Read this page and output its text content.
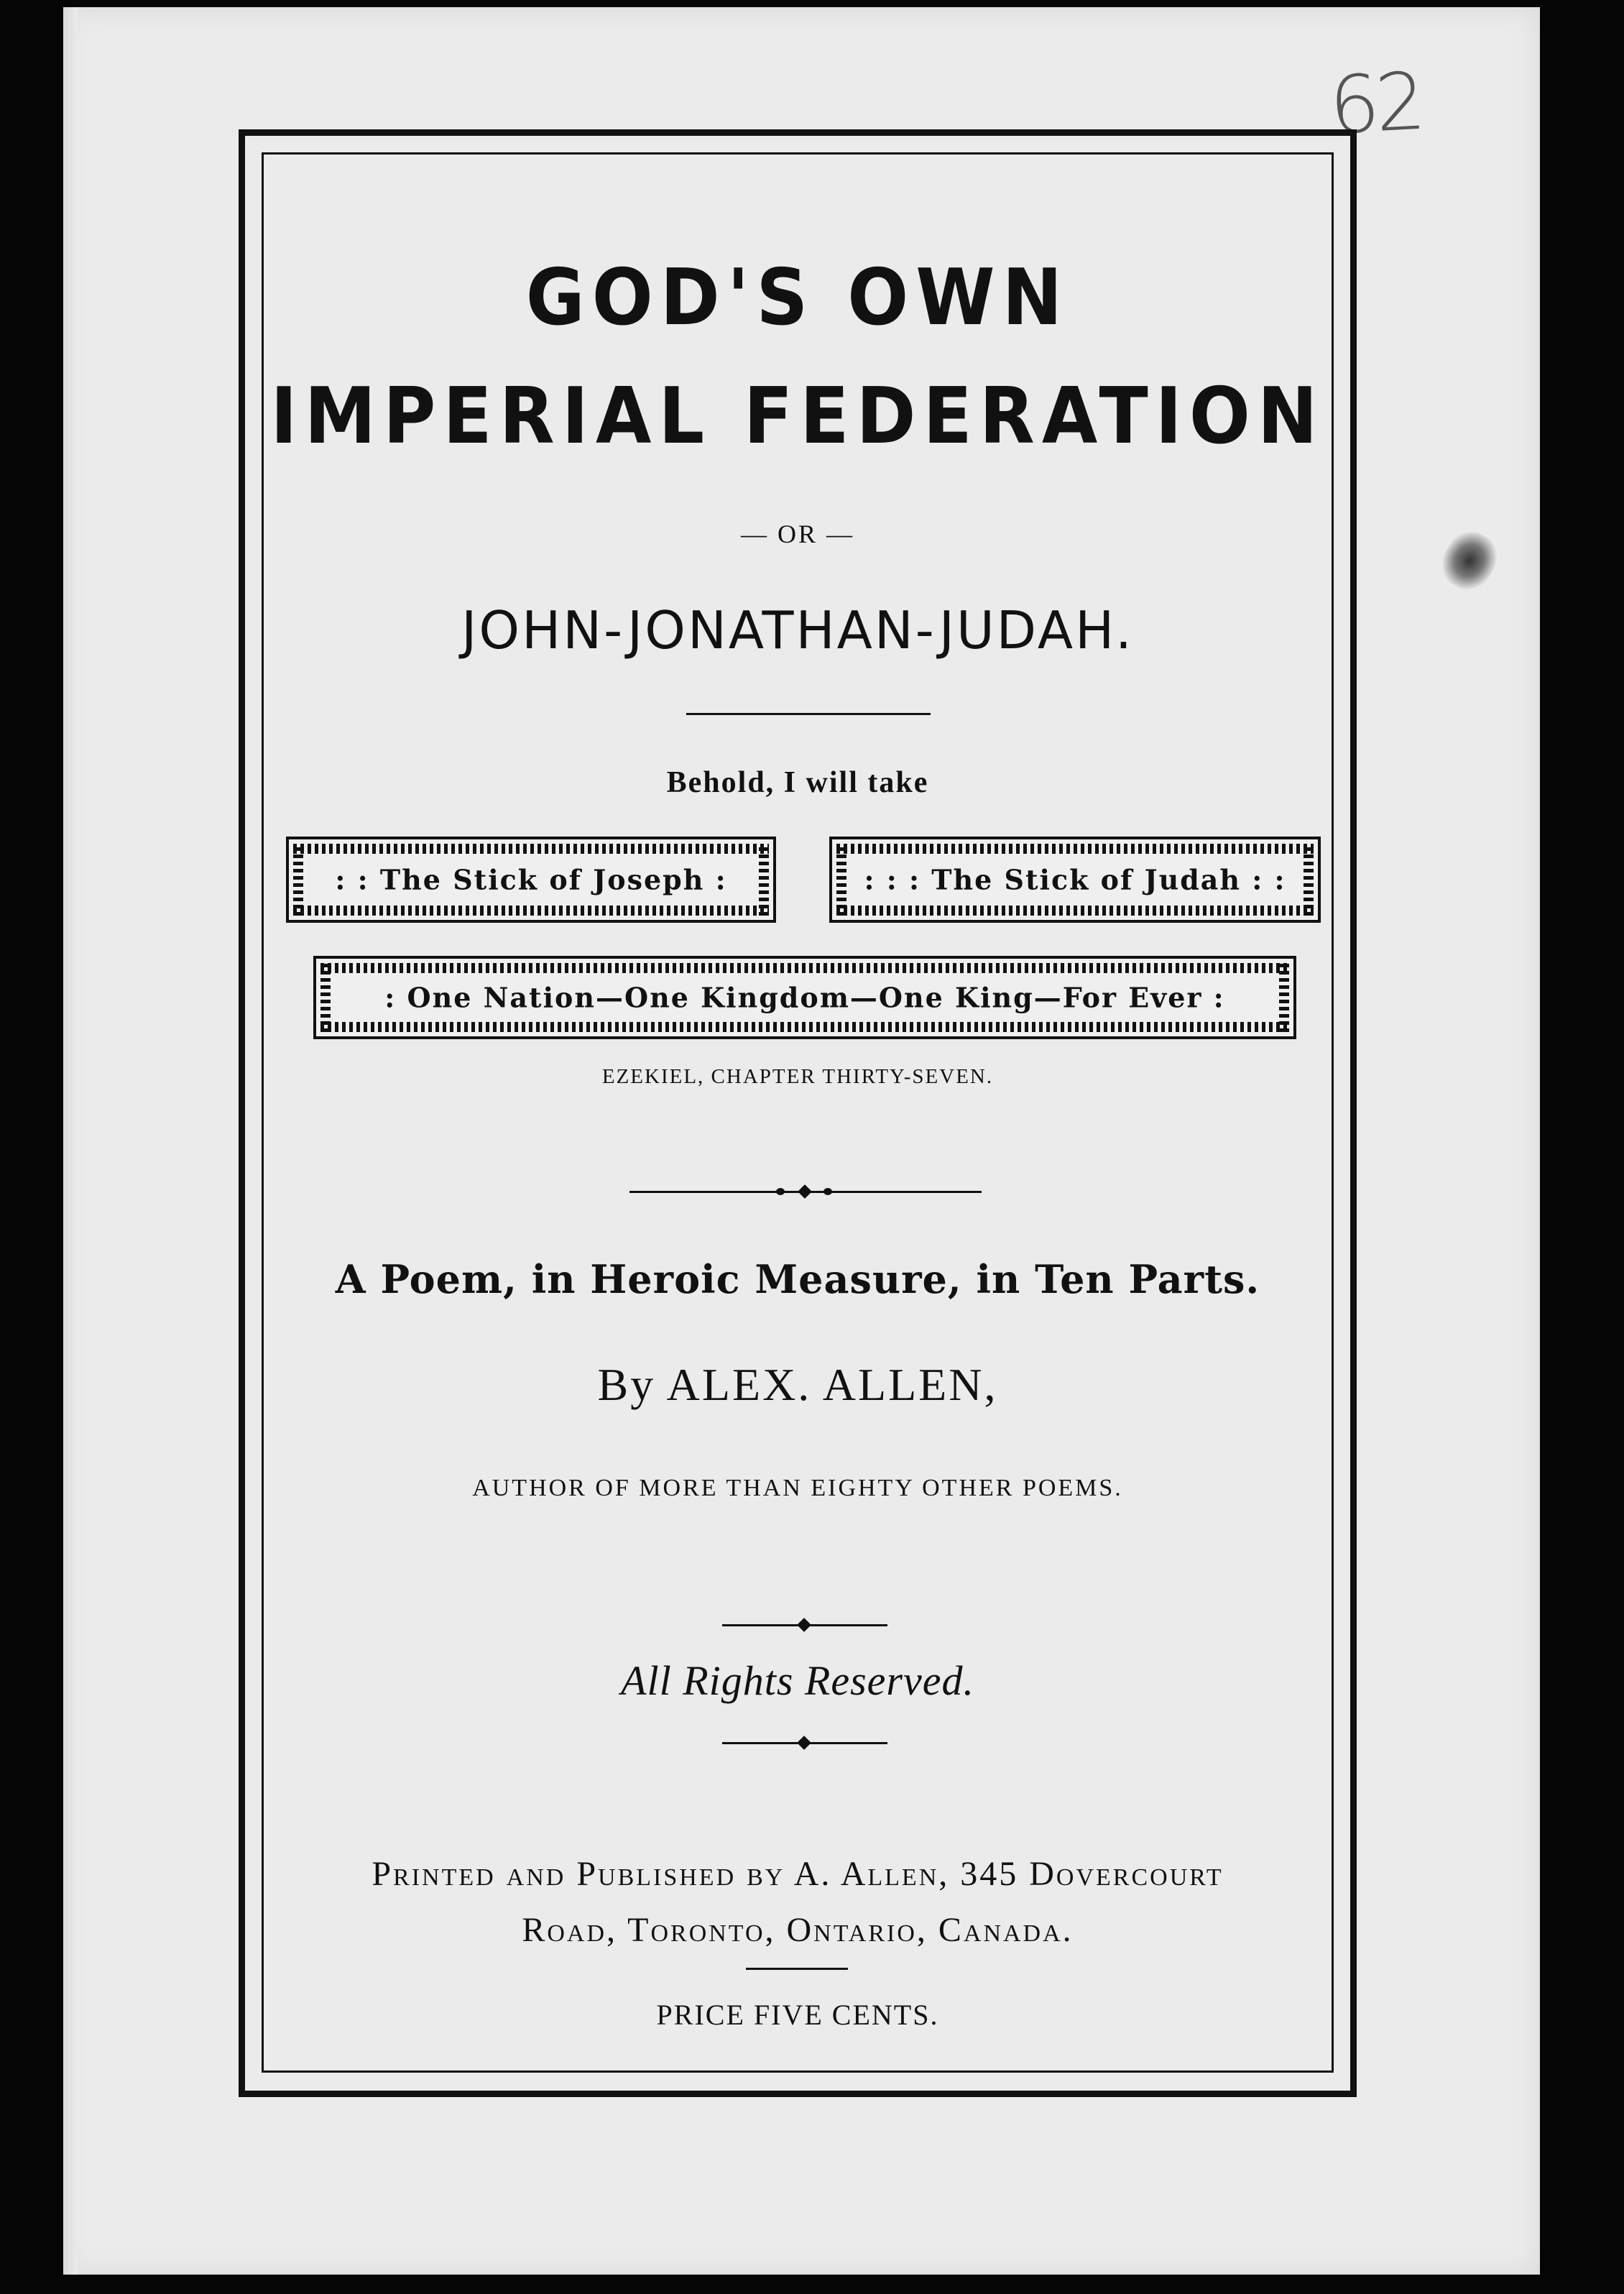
62
GOD'S OWN
IMPERIAL FEDERATION
— OR —
JOHN-JONATHAN-JUDAH.
Behold, I will take
: : The Stick of Joseph :	: : : The Stick of Judah : :
: One Nation—One Kingdom—One King—For Ever :
EZEKIEL, CHAPTER THIRTY-SEVEN.
A Poem, in Heroic Measure, in Ten Parts.
By ALEX. ALLEN,
AUTHOR OF MORE THAN EIGHTY OTHER POEMS.
All Rights Reserved.
Printed and Published by A. Allen, 345 Dovercourt
Road, Toronto, Ontario, Canada.
PRICE FIVE CENTS.
